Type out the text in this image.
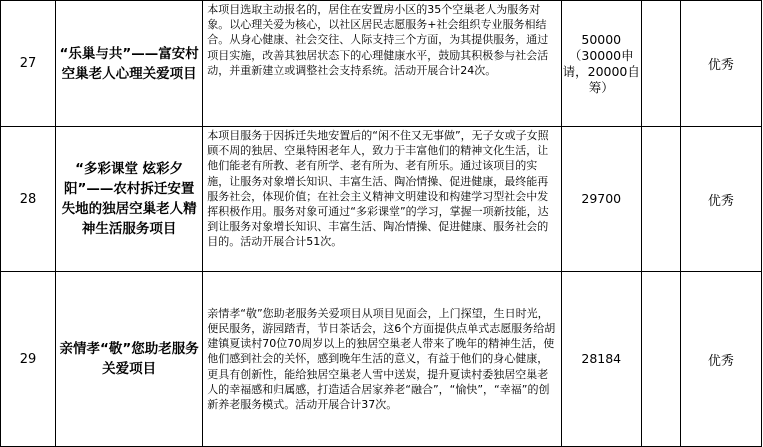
27	“乐巢与共”——富安村空巢老人心理关爱项目	本项目选取主动报名的，居住在安置房小区的35个空巢老人为服务对象。以心理关爱为核心，以社区居民志愿服务+社会组织专业服务相结合。从身心健康、社会交往、人际支持三个方面，为其提供服务，通过项目实施，改善其独居状态下的心理健康水平，鼓励其积极参与社会活动，并重新建立或调整社会支持系统。活动开展合计24次。	50000（30000申请，20000自筹）		优秀
28	“多彩课堂 炫彩夕阳”——农村拆迁安置失地的独居空巢老人精神生活服务项目	本项目服务于因拆迁失地安置后的“闲不住又无事做”，无子女或子女照顾不周的独居、空巢特困老年人，致力于丰富他们的精神文化生活，让他们能老有所教、老有所学、老有所为、老有所乐。通过该项目的实施，让服务对象增长知识、丰富生活、陶冶情操、促进健康，最终能再服务社会，体现价值；在社会主义精神文明建设和构建学习型社会中发挥积极作用。服务对象可通过“多彩课堂”的学习，掌握一项新技能，达到让服务对象增长知识、丰富生活、陶冶情操、促进健康、服务社会的目的。活动开展合计51次。	29700		优秀
29	亲情孝“敬”您助老服务关爱项目	亲情孝“敬”您助老服务关爱项目从项目见面会，上门探望，生日时光，便民服务，游园踏青，节日茶话会，这6个方面提供点单式志愿服务给胡建镇夏读村70位70周岁以上的独居空巢老人带来了晚年的精神生活，使他们感到社会的关怀，感到晚年生活的意义，有益于他们的身心健康，更具有创新性，能给独居空巢老人雪中送炭，提升夏读村委独居空巢老人的幸福感和归属感，打造适合居家养老“融合”，“愉快”，“幸福”的创新养老服务模式。活动开展合计37次。	28184		优秀
